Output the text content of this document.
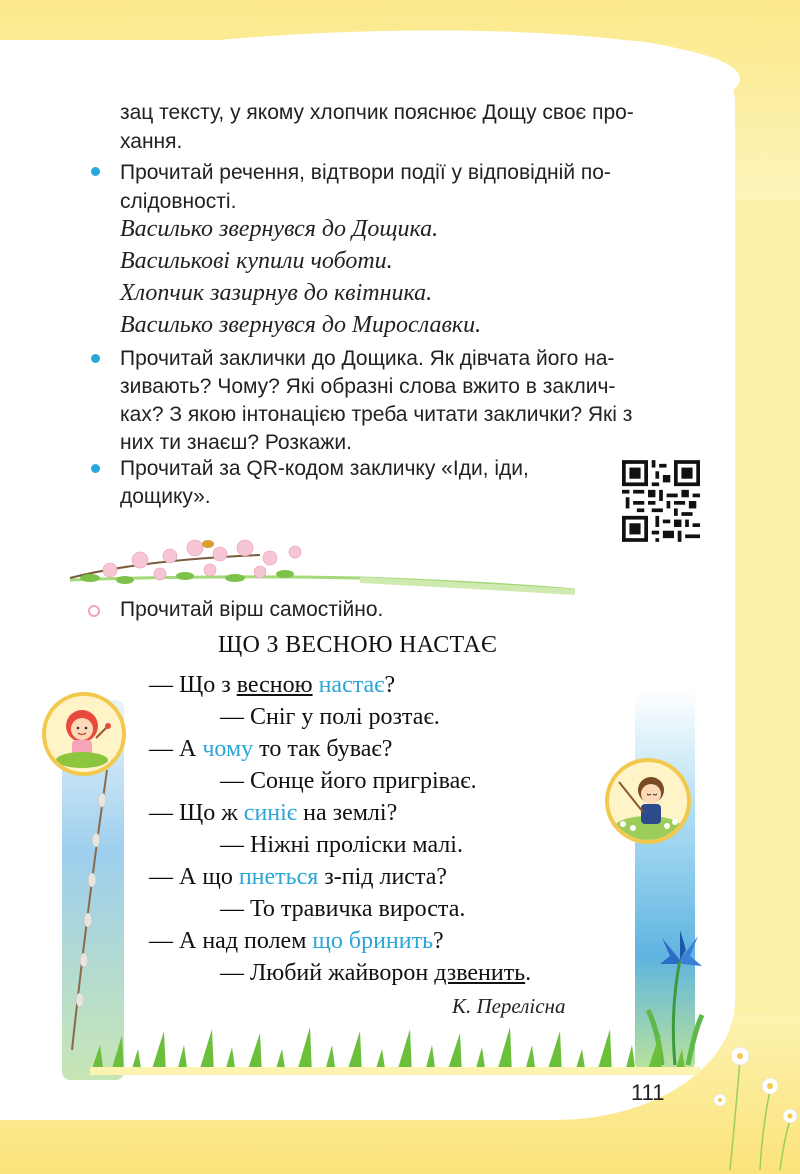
зац тексту, у якому хлопчик пояснює Дощу своє про-
хання.
Прочитай речення, відтвори події у відповідній по-
слідовності.
Василько звернувся до Дощика.
Васильковi купили чоботи.
Хлопчик зазирнув до квітника.
Василько звернувся до Мирославки.
Прочитай заклички до Дощика. Як дівчата його на-
зивають? Чому? Які образні слова вжито в заклич-
ках? З якою інтонацією треба читати заклички? Які з
них ти знаєш? Розкажи.
Прочитай за QR-кодом закличку «Іди, іди,
дощику».
Прочитай вірш самостійно.
ЩО З ВЕСНОЮ НАСТАЄ
— Що з весною настає?
— Сніг у полі розтає.
— А чому то так буває?
— Сонце його пригріває.
— Що ж синіє на землі?
— Ніжні проліски малі.
— А що пнеться з-під листа?
— То травичка вироста.
— А над полем що бринить?
— Любий жайворон дзвенить.
К. Перелісна
111
